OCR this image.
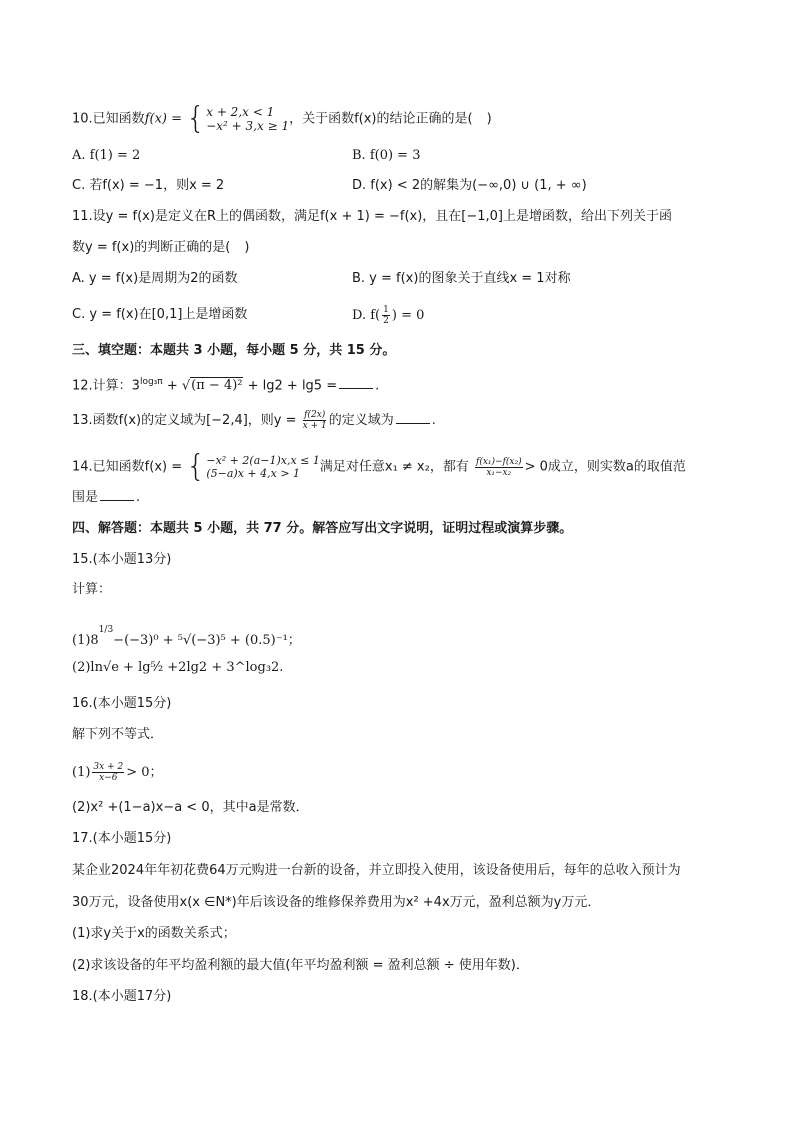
10.已知函数f(x) = { x + 2,x < 1
−x² + 3,x ≥ 1 ，关于函数f(x)的结论正确的是( )
A. f(1) = 2	B. f(0) = 3
C. 若f(x) = −1，则x = 2	D. f(x) < 2的解集为(−∞,0) ∪ (1, + ∞)
11.设y = f(x)是定义在R上的偶函数，满足f(x + 1) = −f(x)，且在[−1,0]上是增函数，给出下列关于函
数y = f(x)的判断正确的是( )
A. y = f(x)是周期为2的函数	B. y = f(x)的图象关于直线x = 1对称
C. y = f(x)在[0,1]上是增函数	D. $f( \frac{1}{2}$ ) = 0
三、填空题：本题共 3 小题，每小题 5 分，共 15 分。
12.计算：$3^{log_3\pi} + √(\pi - 4)^2 + \lg 2 + \lg 5$ =	.
13.函数f(x)的定义域为[−2,4]，则$y = \frac{f(2x)}{x + 1}$ 的定义域为	.
14.已知函数f(x) = { −x² + 2(a−1)x,x ≤ 1
(5−a)x + 4,x > 1	满足对任意x₁ ≠ x₂，都有 $\frac{\text{f(x₁)−f(x₂)}}{\text{x₁−x₂}} > 0$成立，则实数a的取值范
围是	.
四、解答题：本题共 5 小题，共 77 分。解答应写出文字说明，证明过程或演算步骤。
15.(本小题13分)
计算：
$(1)8^{1/3}-(-3)^0 + ^5√(-3)^5 + (0.5)^{-1}$；
(2)ln√e + lg⁵⁄₂ +2lg2 + 3^log₃2.
16.(本小题15分)
解下列不等式．
$(1) \frac{3x + 2}{x-6} > 0$；
(2)x² +(1−a)x−a < 0，其中a是常数．
17.(本小题15分)
某企业2024年年初花费64万元购进一台新的设备，并立即投入使用，该设备使用后，每年的总收入预计为
30万元，设备使用x(x ∈N*)年后该设备的维修保养费用为x² +4x万元，盈利总额为y万元．
(1)求y关于x的函数关系式；
(2)求该设备的年平均盈利额的最大值(年平均盈利额 = 盈利总额 ÷ 使用年数)．
18.(本小题17分)
